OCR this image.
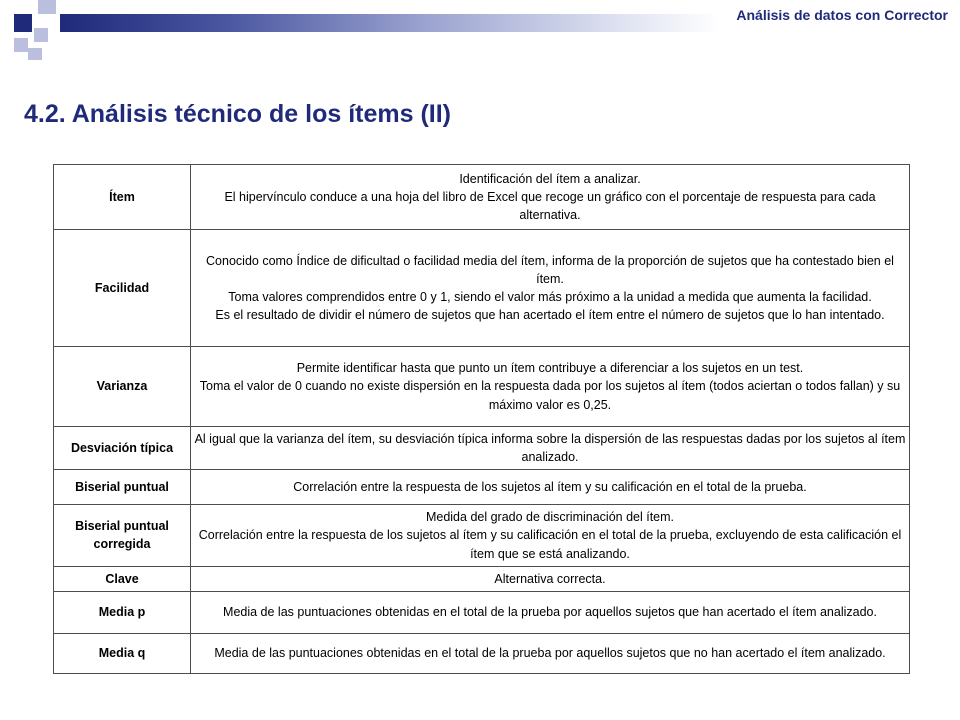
Análisis de datos con Corrector
4.2. Análisis técnico de los ítems (II)
Ítem	Identificación del ítem a analizar.
El hipervínculo conduce a una hoja del libro de Excel que recoge un gráfico con el porcentaje de respuesta para cada alternativa.

Facilidad	Conocido como Índice de dificultad o facilidad media del ítem, informa de la proporción de sujetos que ha contestado bien el ítem.
Toma valores comprendidos entre 0 y 1, siendo el valor más próximo a la unidad a medida que aumenta la facilidad.
Es el resultado de dividir el número de sujetos que han acertado el ítem entre el número de sujetos que lo han intentado.

Varianza	Permite identificar hasta que punto un ítem contribuye a diferenciar a los sujetos en un test.
Toma el valor de 0 cuando no existe dispersión en la respuesta dada por los sujetos al ítem (todos aciertan o todos fallan) y su máximo valor es 0,25.

Desviación típica	Al igual que la varianza del ítem, su desviación típica informa sobre la dispersión de las respuestas dadas por los sujetos al ítem analizado.

Biserial puntual	Correlación entre la respuesta de los sujetos al ítem y su calificación en el total de la prueba.

Biserial puntual corregida	Medida del grado de discriminación del ítem.
Correlación entre la respuesta de los sujetos al ítem y su calificación en el total de la prueba, excluyendo de esta calificación el ítem que se está analizando.

Clave	Alternativa correcta.

Media p	Media de las puntuaciones obtenidas en el total de la prueba por aquellos sujetos que han acertado el ítem analizado.

Media q	Media de las puntuaciones obtenidas en el total de la prueba por aquellos sujetos que no han acertado el ítem analizado.
